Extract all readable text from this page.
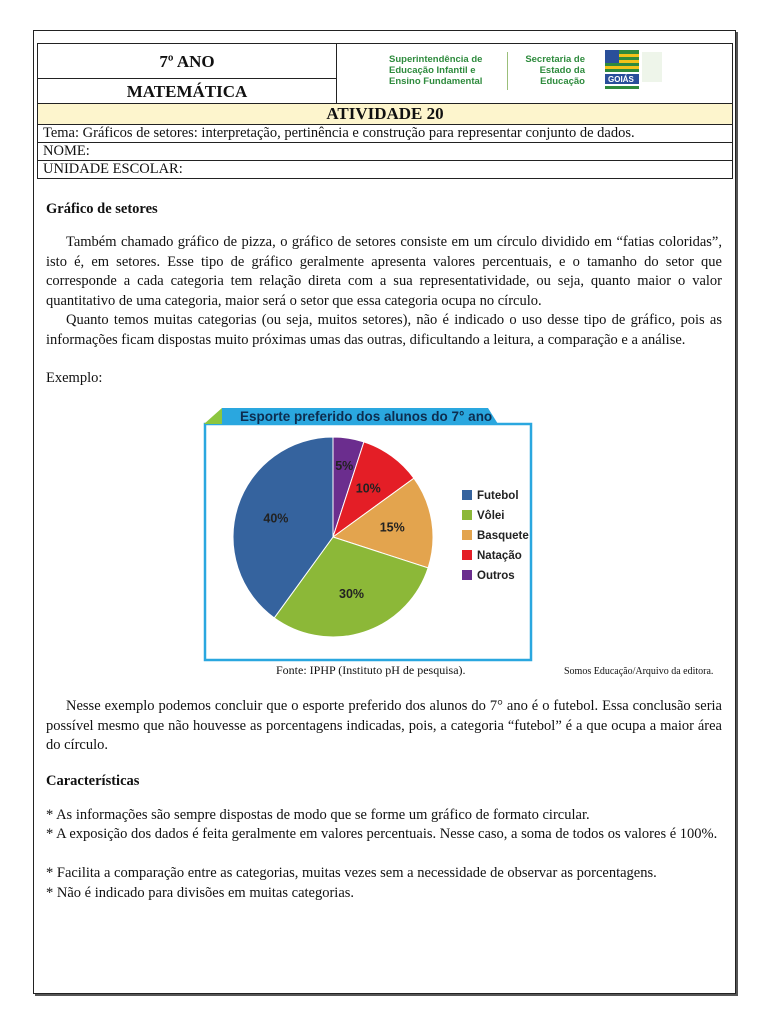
7º ANO	Superintendência de
Educação Infantil e
Ensino Fundamental
Secretaria de
Estado da
Educação	GOIÁS

MATEMÁTICA
ATIVIDADE 20
Tema: Gráficos de setores: interpretação, pertinência e construção para representar conjunto de dados.
NOME:
UNIDADE ESCOLAR:
Gráfico de setores
Também chamado gráfico de pizza, o gráfico de setores consiste em um círculo dividido em “fatias coloridas”, isto é, em setores. Esse tipo de gráfico geralmente apresenta valores percentuais, e o tamanho do setor que corresponde a cada categoria tem relação direta com a sua representatividade, ou seja, quanto maior o valor quantitativo de uma categoria, maior será o setor que essa categoria ocupa no círculo.
Quanto temos muitas categorias (ou seja, muitos setores), não é indicado o uso desse tipo de gráfico, pois as informações ficam dispostas muito próximas umas das outras, dificultando a leitura, a comparação e a análise.
Exemplo:
Nesse exemplo podemos concluir que o esporte preferido dos alunos do 7° ano é o futebol. Essa conclusão seria possível mesmo que não houvesse as porcentagens indicadas, pois, a categoria “futebol” é a que ocupa a maior área do círculo.
Características
* As informações são sempre dispostas de modo que se forme um gráfico de formato circular.
* A exposição dos dados é feita geralmente em valores percentuais. Nesse caso, a soma de todos os valores é 100%.
* Facilita a comparação entre as categorias, muitas vezes sem a necessidade de observar as porcentagens.
* Não é indicado para divisões em muitas categorias.
Esporte preferido dos alunos do 7° ano
5%
10%
15%
30%
40%
Futebol
Vôlei
Basquete
Natação
Outros
Fonte: IPHP (Instituto pH de pesquisa).	Somos Educação/Arquivo da editora.
